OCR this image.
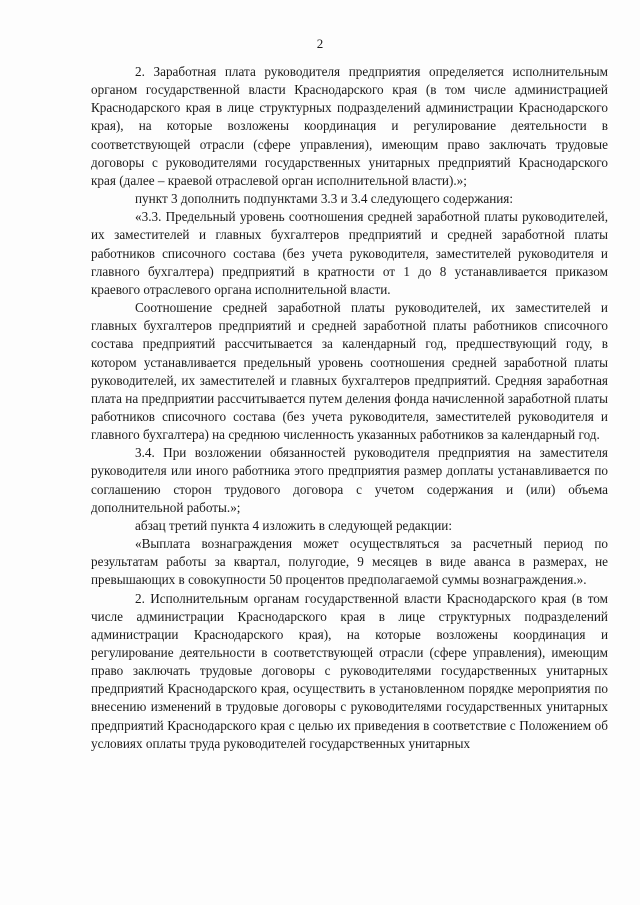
2

2. Заработная плата руководителя предприятия определяется исполнительным органом государственной власти Краснодарского края (в том числе администрацией Краснодарского края в лице структурных подразделений администрации Краснодарского края), на которые возложены координация и регулирование деятельности в соответствующей отрасли (сфере управления), имеющим право заключать трудовые договоры с руководителями государственных унитарных предприятий Краснодарского края (далее – краевой отраслевой орган исполнительной власти).»;

пункт 3 дополнить подпунктами 3.3 и 3.4 следующего содержания:

«3.3. Предельный уровень соотношения средней заработной платы руководителей, их заместителей и главных бухгалтеров предприятий и средней заработной платы работников списочного состава (без учета руководителя, заместителей руководителя и главного бухгалтера) предприятий в кратности от 1 до 8 устанавливается приказом краевого отраслевого органа исполнительной власти.

Соотношение средней заработной платы руководителей, их заместителей и главных бухгалтеров предприятий и средней заработной платы работников списочного состава предприятий рассчитывается за календарный год, предшествующий году, в котором устанавливается предельный уровень соотношения средней заработной платы руководителей, их заместителей и главных бухгалтеров предприятий. Средняя заработная плата на предприятии рассчитывается путем деления фонда начисленной заработной платы работников списочного состава (без учета руководителя, заместителей руководителя и главного бухгалтера) на среднюю численность указанных работников за календарный год.

3.4. При возложении обязанностей руководителя предприятия на заместителя руководителя или иного работника этого предприятия размер доплаты устанавливается по соглашению сторон трудового договора с учетом содержания и (или) объема дополнительной работы.»;

абзац третий пункта 4 изложить в следующей редакции:

«Выплата вознаграждения может осуществляться за расчетный период по результатам работы за квартал, полугодие, 9 месяцев в виде аванса в размерах, не превышающих в совокупности 50 процентов предполагаемой суммы вознаграждения.».

2. Исполнительным органам государственной власти Краснодарского края (в том числе администрации Краснодарского края в лице структурных подразделений администрации Краснодарского края), на которые возложены координация и регулирование деятельности в соответствующей отрасли (сфере управления), имеющим право заключать трудовые договоры с руководителями государственных унитарных предприятий Краснодарского края, осуществить в установленном порядке мероприятия по внесению изменений в трудовые договоры с руководителями государственных унитарных предприятий Краснодарского края с целью их приведения в соответствие с Положением об условиях оплаты труда руководителей государственных унитарных
